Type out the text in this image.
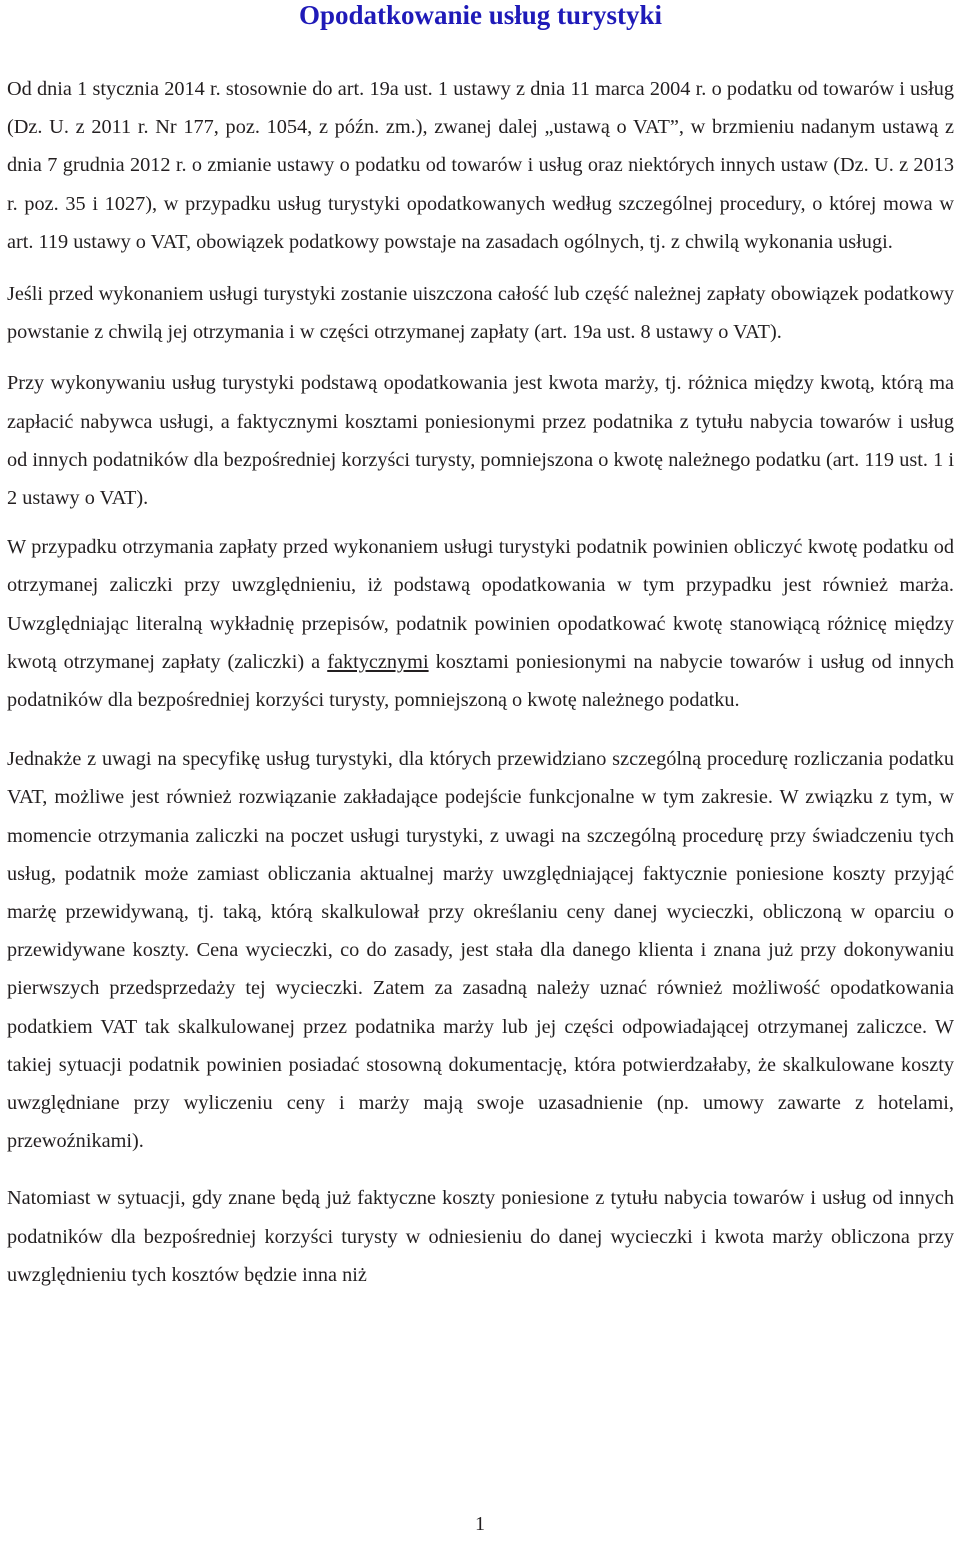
Opodatkowanie usług turystyki

Od dnia 1 stycznia 2014 r. stosownie do art. 19a ust. 1 ustawy z dnia 11 marca 2004 r. o podatku od towarów i usług (Dz. U. z 2011 r. Nr 177, poz. 1054, z późn. zm.), zwanej dalej „ustawą o VAT”, w brzmieniu nadanym ustawą z dnia 7 grudnia 2012 r. o zmianie ustawy o podatku od towarów i usług oraz niektórych innych ustaw (Dz. U. z 2013 r. poz. 35 i 1027), w przypadku usług turystyki opodatkowanych według szczególnej procedury, o której mowa w art. 119 ustawy o VAT, obowiązek podatkowy powstaje na zasadach ogólnych, tj. z chwilą wykonania usługi.

Jeśli przed wykonaniem usługi turystyki zostanie uiszczona całość lub część należnej zapłaty obowiązek podatkowy powstanie z chwilą jej otrzymania i w części otrzymanej zapłaty (art. 19a ust. 8 ustawy o VAT).

Przy wykonywaniu usług turystyki podstawą opodatkowania jest kwota marży, tj. różnica między kwotą, którą ma zapłacić nabywca usługi, a faktycznymi kosztami poniesionymi przez podatnika z tytułu nabycia towarów i usług od innych podatników dla bezpośredniej korzyści turysty, pomniejszona o kwotę należnego podatku (art. 119 ust. 1 i 2 ustawy o VAT).

W przypadku otrzymania zapłaty przed wykonaniem usługi turystyki podatnik powinien obliczyć kwotę podatku od otrzymanej zaliczki przy uwzględnieniu, iż podstawą opodatkowania w tym przypadku jest również marża. Uwzględniając literalną wykładnię przepisów, podatnik powinien opodatkować kwotę stanowiącą różnicę między kwotą otrzymanej zapłaty (zaliczki) a faktycznymi kosztami poniesionymi na nabycie towarów i usług od innych podatników dla bezpośredniej korzyści turysty, pomniejszoną o kwotę należnego podatku.

Jednakże z uwagi na specyfikę usług turystyki, dla których przewidziano szczególną procedurę rozliczania podatku VAT, możliwe jest również rozwiązanie zakładające podejście funkcjonalne w tym zakresie. W związku z tym, w momencie otrzymania zaliczki na poczet usługi turystyki, z uwagi na szczególną procedurę przy świadczeniu tych usług, podatnik może zamiast obliczania aktualnej marży uwzględniającej faktycznie poniesione koszty przyjąć marżę przewidywaną, tj. taką, którą skalkulował przy określaniu ceny danej wycieczki, obliczoną w oparciu o przewidywane koszty. Cena wycieczki, co do zasady, jest stała dla danego klienta i znana już przy dokonywaniu pierwszych przedsprzedaży tej wycieczki. Zatem za zasadną należy uznać również możliwość opodatkowania podatkiem VAT tak skalkulowanej przez podatnika marży lub jej części odpowiadającej otrzymanej zaliczce. W takiej sytuacji podatnik powinien posiadać stosowną dokumentację, która potwierdzałaby, że skalkulowane koszty uwzględniane przy wyliczeniu ceny i marży mają swoje uzasadnienie (np. umowy zawarte z hotelami, przewoźnikami).

Natomiast w sytuacji, gdy znane będą już faktyczne koszty poniesione z tytułu nabycia towarów i usług od innych podatników dla bezpośredniej korzyści turysty w odniesieniu do danej wycieczki i kwota marży obliczona przy uwzględnieniu tych kosztów będzie inna niż

1
